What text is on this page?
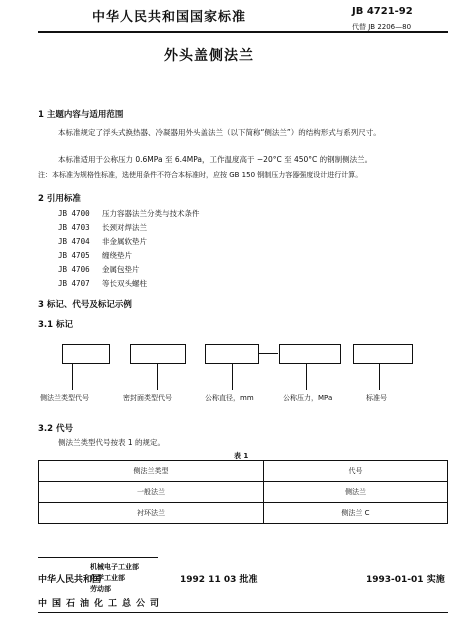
中华人民共和国国家标准	JB 4721-92
代替 JB 2206—80
外头盖侧法兰
1 主题内容与适用范围
本标准规定了浮头式换热器、冷凝器用外头盖法兰（以下简称“侧法兰”）的结构形式与系列尺寸。
本标准适用于公称压力 0.6MPa 至 6.4MPa，工作温度高于 −20°C 至 450°C 的钢制侧法兰。
注：本标准为规格性标准，选使用条件不符合本标准时，应按 GB 150 钢制压力容器强度设计进行计算。
2 引用标准
JB 4700 压力容器法兰分类与技术条件
JB 4703 长颈对焊法兰
JB 4704 非金属软垫片
JB 4705 缠绕垫片
JB 4706 金属包垫片
JB 4707 等长双头螺柱
3 标记、代号及标记示例
3.1 标记
侧法兰类型代号	密封面类型代号	公称直径，mm	公称压力，MPa	标准号
3.2 代号
侧法兰类型代号按表 1 的规定。
表 1
侧法兰类型	代号
一般法兰	侧法兰
衬环法兰	侧法兰 C
机械电子工业部
化学工业部
劳动部
中华人民共和国
中国石油化工总公司
1992 11 03 批准	1993-01-01 实施
